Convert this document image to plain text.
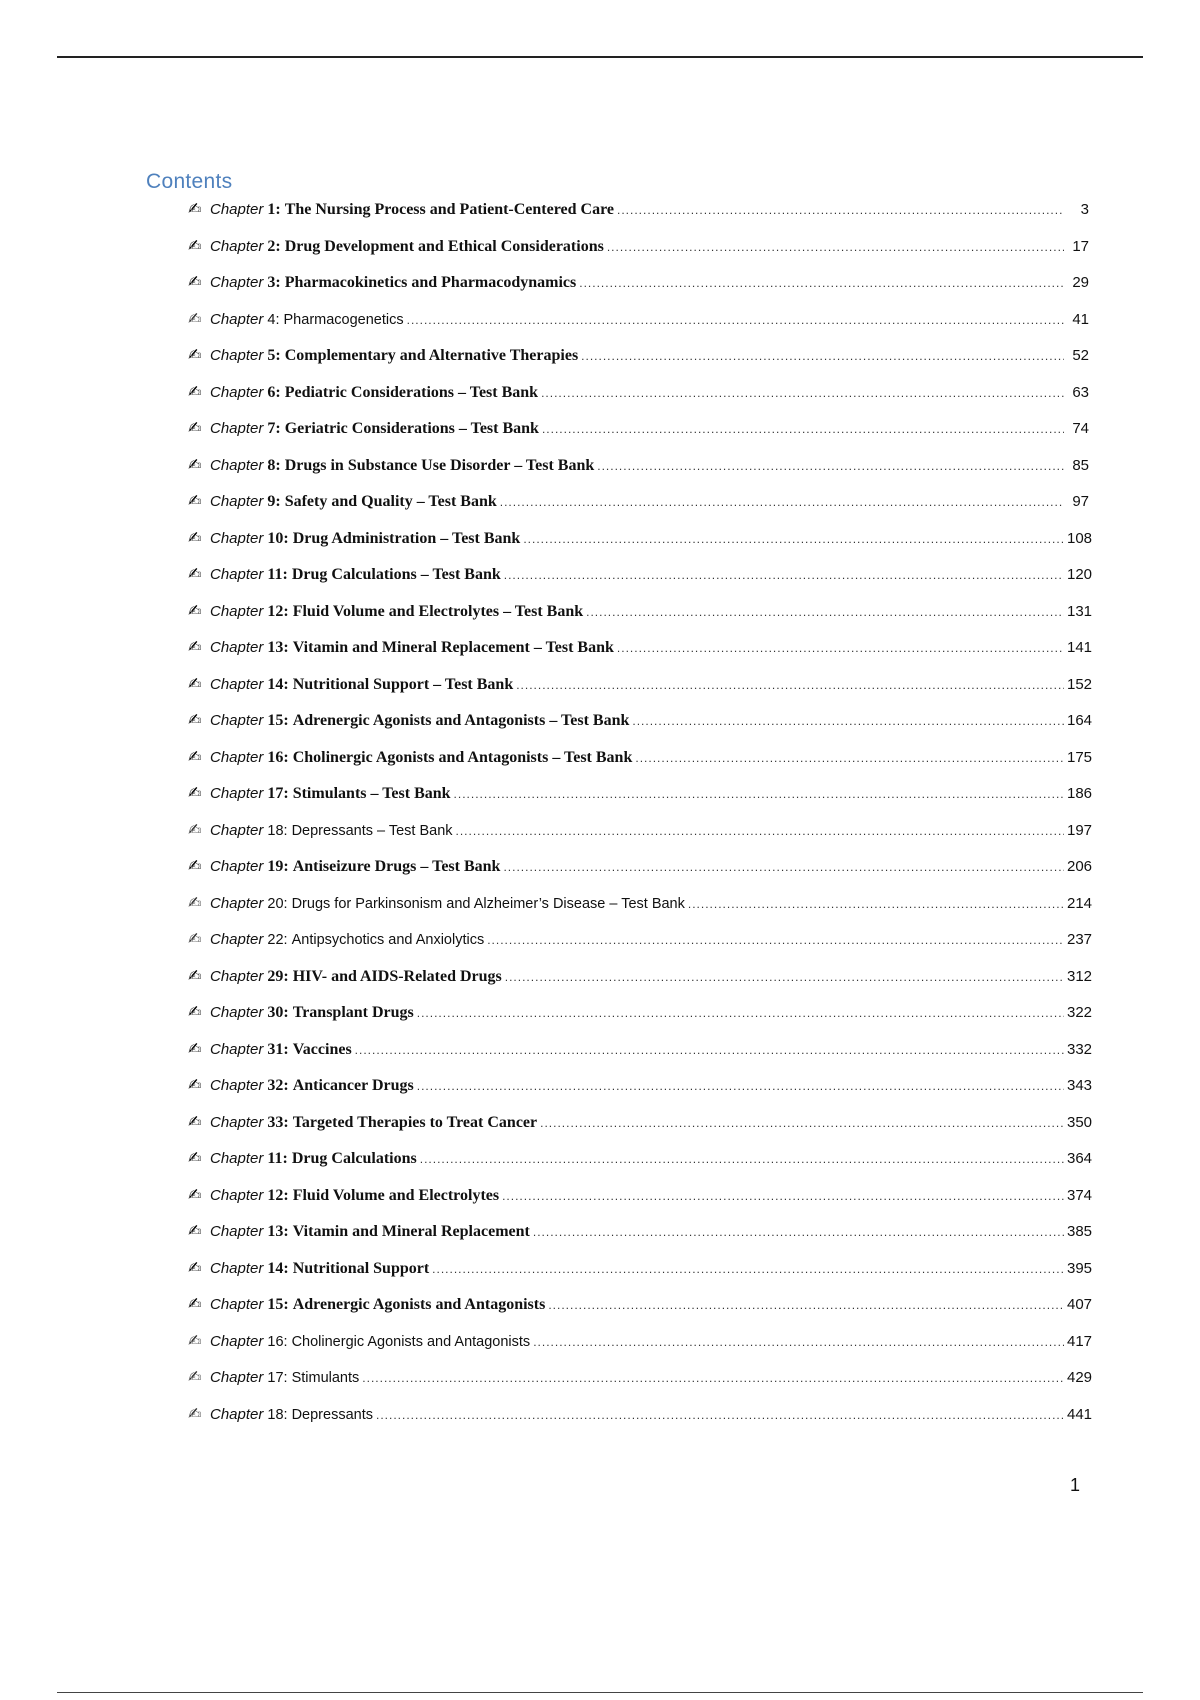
Contents
✍ Chapter 1 : The Nursing Process and Patient-Centered Care .....	3
✍ Chapter 2 : Drug Development and Ethical Considerations .....	17
✍ Chapter 3 : Pharmacokinetics and Pharmacodynamics .....	29
✍ Chapter 4 : Pharmacogenetics .....	41
✍ Chapter 5 : Complementary and Alternative Therapies .....	52
✍ Chapter 6 : Pediatric Considerations – Test Bank .....	63
✍ Chapter 7 : Geriatric Considerations – Test Bank .....	74
✍ Chapter 8 : Drugs in Substance Use Disorder – Test Bank .....	85
✍ Chapter 9 : Safety and Quality – Test Bank .....	97
✍ Chapter 10 : Drug Administration – Test Bank .....	108
✍ Chapter 11 : Drug Calculations – Test Bank .....	120
✍ Chapter 12 : Fluid Volume and Electrolytes – Test Bank .....	131
✍ Chapter 13 : Vitamin and Mineral Replacement – Test Bank .....	141
✍ Chapter 14 : Nutritional Support – Test Bank .....	152
✍ Chapter 15 : Adrenergic Agonists and Antagonists – Test Bank .....	164
✍ Chapter 16 : Cholinergic Agonists and Antagonists – Test Bank .....	175
✍ Chapter 17 : Stimulants – Test Bank .....	186
✍ Chapter 18 : Depressants – Test Bank .....	197
✍ Chapter 19 : Antiseizure Drugs – Test Bank .....	206
✍ Chapter 20 : Drugs for Parkinsonism and Alzheimer’s Disease – Test Bank .....	214
✍ Chapter 22 : Antipsychotics and Anxiolytics .....	237
✍ Chapter 29 : HIV- and AIDS-Related Drugs .....	312
✍ Chapter 30 : Transplant Drugs .....	322
✍ Chapter 31 : Vaccines .....	332
✍ Chapter 32 : Anticancer Drugs .....	343
✍ Chapter 33 : Targeted Therapies to Treat Cancer .....	350
✍ Chapter 11 : Drug Calculations .....	364
✍ Chapter 12 : Fluid Volume and Electrolytes .....	374
✍ Chapter 13 : Vitamin and Mineral Replacement .....	385
✍ Chapter 14 : Nutritional Support .....	395
✍ Chapter 15 : Adrenergic Agonists and Antagonists .....	407
✍ Chapter 16 : Cholinergic Agonists and Antagonists .....	417
✍ Chapter 17 : Stimulants .....	429
✍ Chapter 18 : Depressants .....	441
1
